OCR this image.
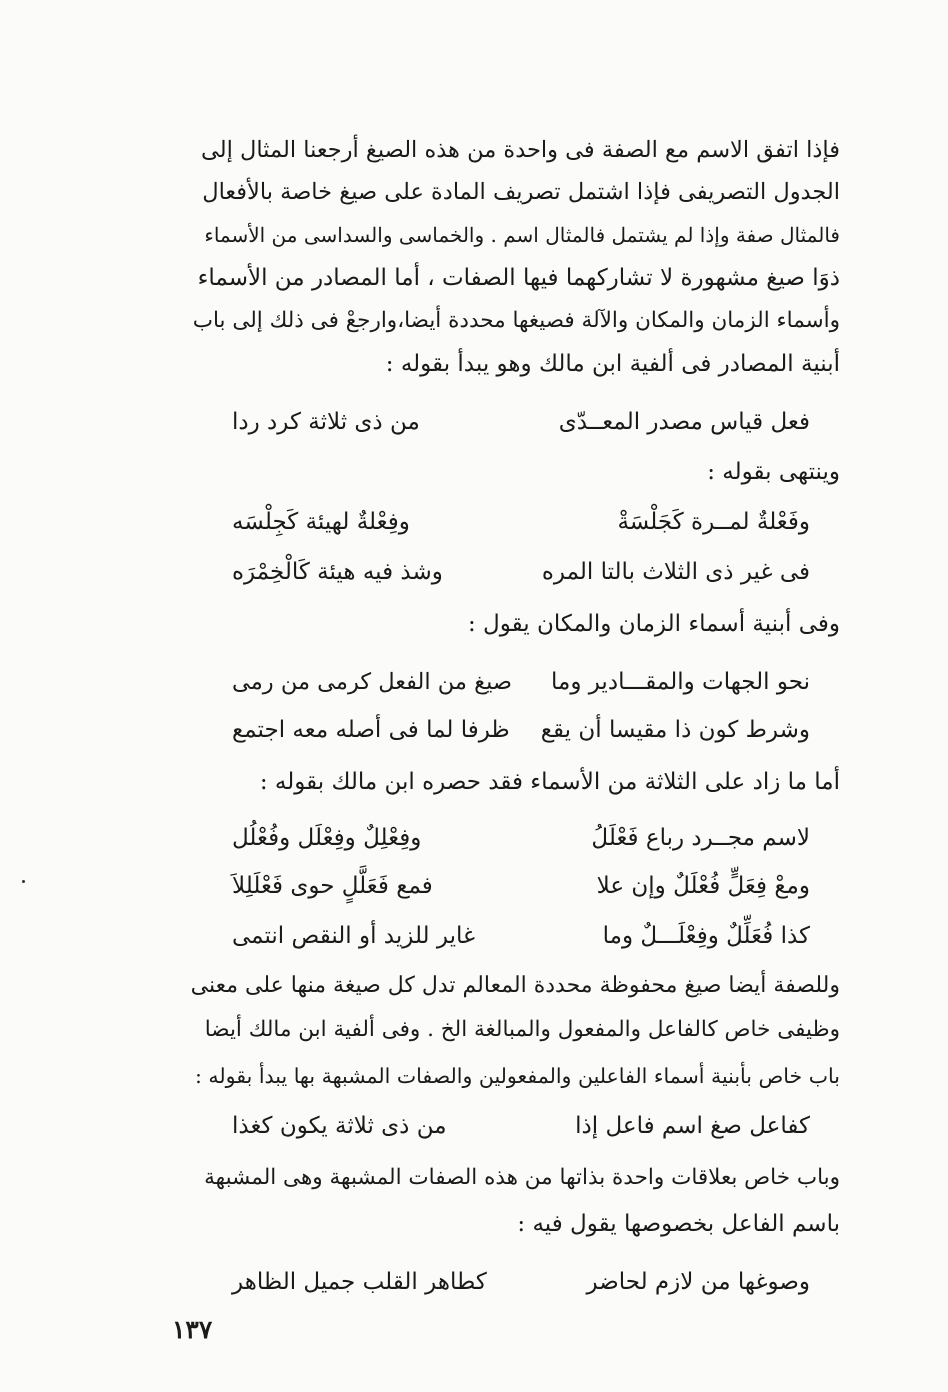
فإذا اتفق الاسم مع الصفة فى واحدة من هذه الصيغ أرجعنا المثال إلى
الجدول التصريفى فإذا اشتمل تصريف المادة على صيغ خاصة بالأفعال
فالمثال صفة وإذا لم يشتمل فالمثال اسم . والخماسى والسداسى من الأسماء
ذوَا صيغ مشهورة لا تشاركهما فيها الصفات ، أما المصادر من الأسماء
وأسماء الزمان والمكان والآلة فصيغها محددة أيضا،وارجعْ فى ذلك إلى باب
أبنية المصادر فى ألفية ابن مالك وهو يبدأ بقوله :
فعل قياس مصدر المعــدّى
من ذى ثلاثة كرد ردا
وينتهى بقوله :
وفَعْلةٌ لمــرة كَجَلْسَةْ
وفِعْلةٌ لهيئة كَجِلْسَه
فى غير ذى الثلاث بالتا المره
وشذ فيه هيئة كَالْخِمْرَه
وفى أبنية أسماء الزمان والمكان يقول :
نحو الجهات والمقـــادير وما
صيغ من الفعل كرمى من رمى
وشرط كون ذا مقيسا أن يقع
ظرفا لما فى أصله معه اجتمع
أما ما زاد على الثلاثة من الأسماء فقد حصره ابن مالك بقوله :
لاسم مجــرد رباع فَعْلَلُ
وفِعْلِلٌ وفِعْلَل وفُعْلُل
ومعْ فِعَلٍّ فُعْلَلٌ وإن علا
فمع فَعَلَّلٍ حوى فَعْلَلِلاَ
كذا فُعَلِّلٌ وفِعْلَـــلٌ وما
غاير للزيد أو النقص انتمى
وللصفة أيضا صيغ محفوظة محددة المعالم تدل كل صيغة منها على معنى
وظيفى خاص كالفاعل والمفعول والمبالغة الخ . وفى ألفية ابن مالك أيضا
باب خاص بأبنية أسماء الفاعلين والمفعولين والصفات المشبهة بها يبدأ بقوله :
كفاعل صغ اسم فاعل إذا
من ذى ثلاثة يكون كغذا
وباب خاص بعلاقات واحدة بذاتها من هذه الصفات المشبهة وهى المشبهة
باسم الفاعل بخصوصها يقول فيه :
وصوغها من لازم لحاضر
كطاهر القلب جميل الظاهر
١٣٧
